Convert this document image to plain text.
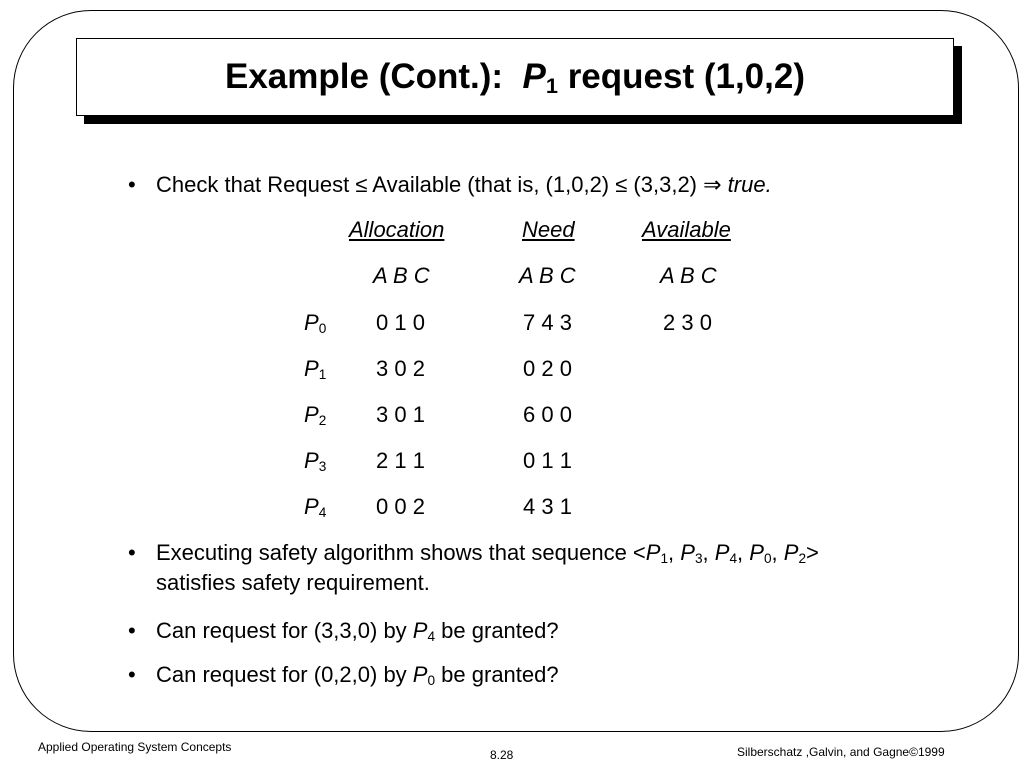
Example (Cont.): $P_1$ request (1,0,2)
• Check that Request ≤ Available (that is, (1,0,2) ≤ (3,3,2) ⇒ true.
Allocation	Need	Available
A B C	A B C	A B C
$P_0$ 0 1 0	7 4 3	2 3 0
$P_1$ 3 0 2	0 2 0
$P_2$ 3 0 1	6 0 0
$P_3$ 2 1 1	0 1 1
$P_4$ 0 0 2	4 3 1
• Executing safety algorithm shows that sequence $<P_1$, $P_3$, $P_4$, $P_0$, $P_2>$
satisfies safety requirement.
• Can request for (3,3,0) by $P_4$ be granted?
• Can request for (0,2,0) by $P_0$ be granted?
Applied Operating System Concepts
8.28	Silberschatz ,Galvin, and Gagne©1999
